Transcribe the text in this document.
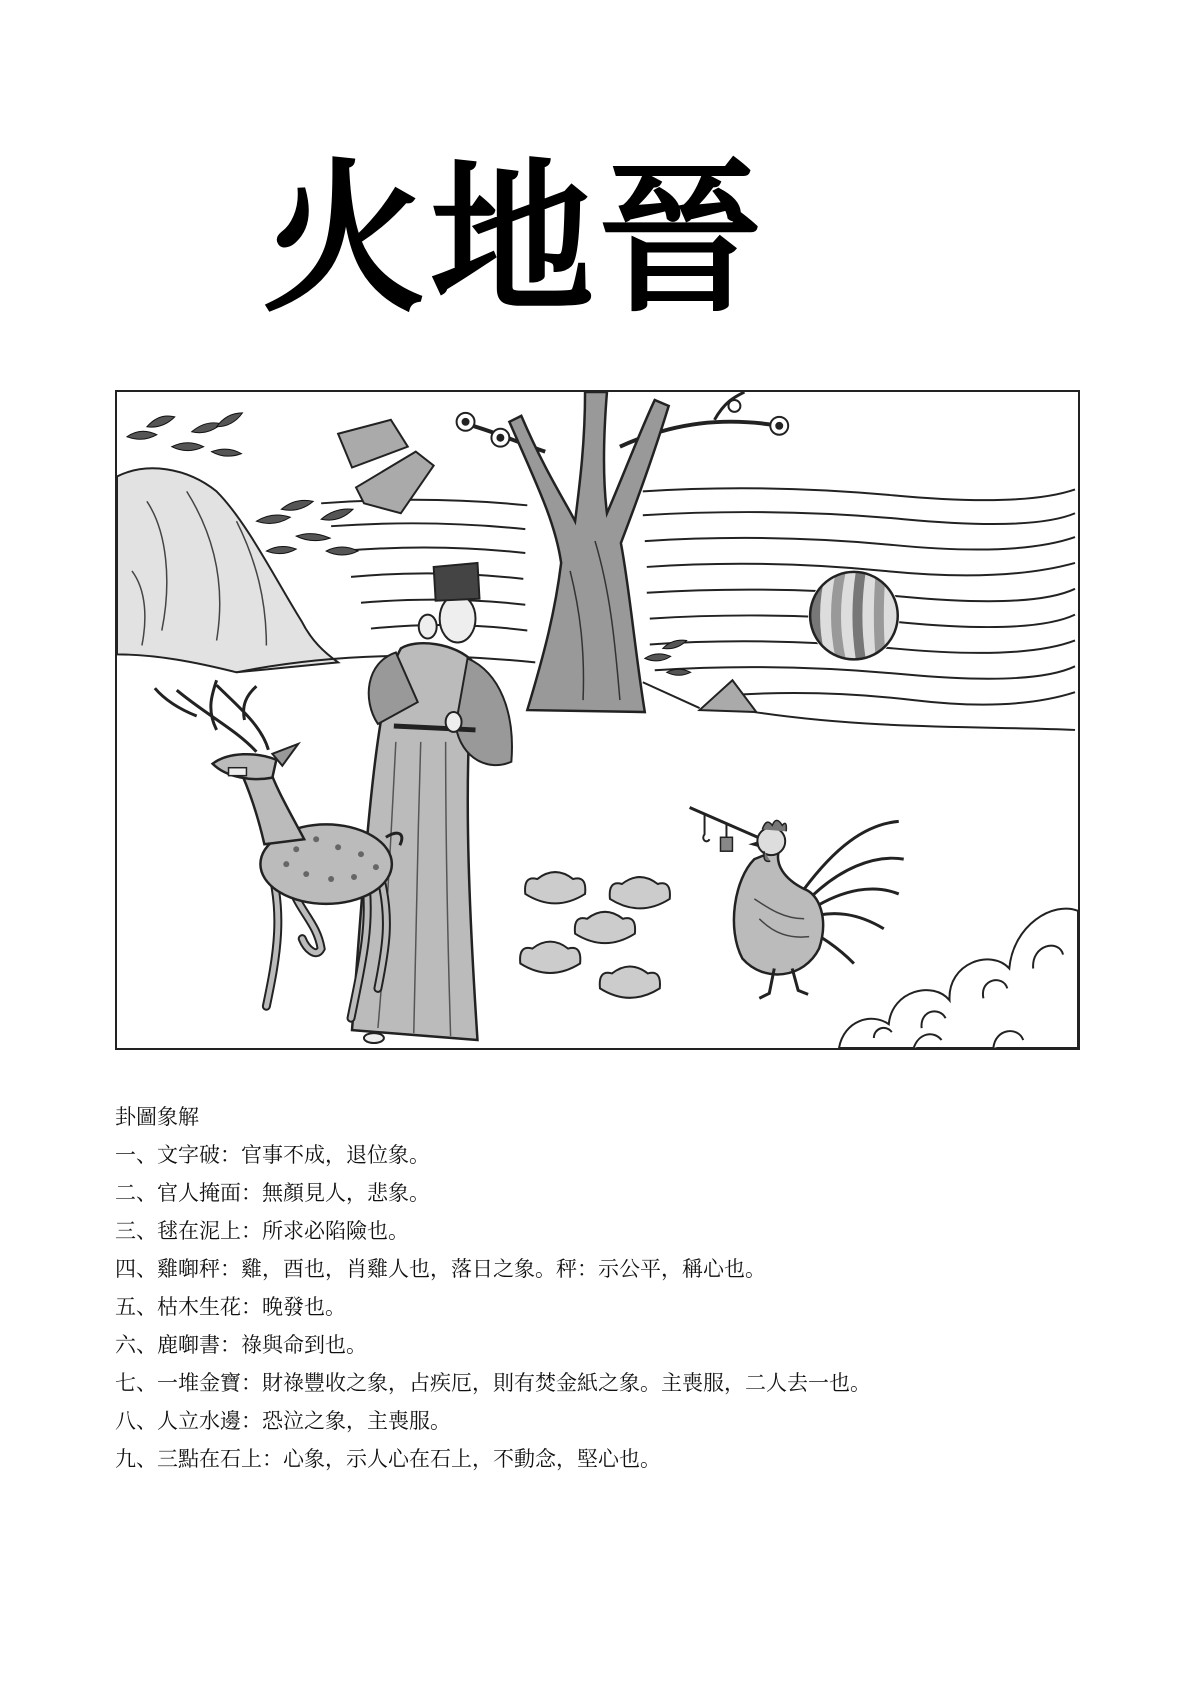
火地晉
卦圖象解
一、文字破：官事不成，退位象。
二、官人掩面：無顏見人，悲象。
三、毬在泥上：所求必陷險也。
四、雞啣秤：雞，酉也，肖雞人也，落日之象。秤：示公平，稱心也。
五、枯木生花：晚發也。
六、鹿啣書：祿與命到也。
七、一堆金寶：財祿豐收之象，占疾厄，則有焚金紙之象。主喪服，二人去一也。
八、人立水邊：恐泣之象，主喪服。
九、三點在石上：心象，示人心在石上，不動念，堅心也。
